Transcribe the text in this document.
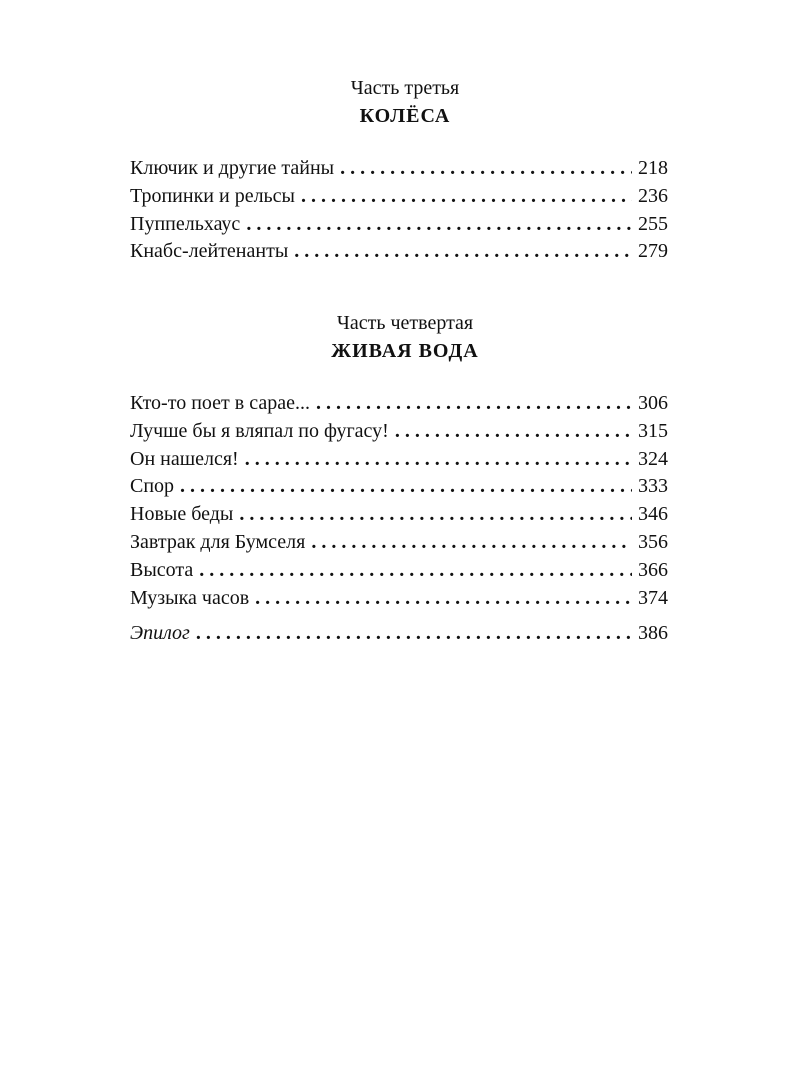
Часть третья
КОЛЁСА
Ключик и другие тайны . . .	218
Тропинки и рельсы . . .	236
Пуппельхаус . . .	255
Кнабс-лейтенанты . . .	279
Часть четвертая
ЖИВАЯ ВОДА
Кто-то поет в сарае... . . .	306
Лучше бы я вляпал по фугасу! . . .	315
Он нашелся! . . .	324
Спор . . .	333
Новые беды . . .	346
Завтрак для Бумселя . . .	356
Высота . . .	366
Музыка часов . . .	374
Эпилог . . .	386
